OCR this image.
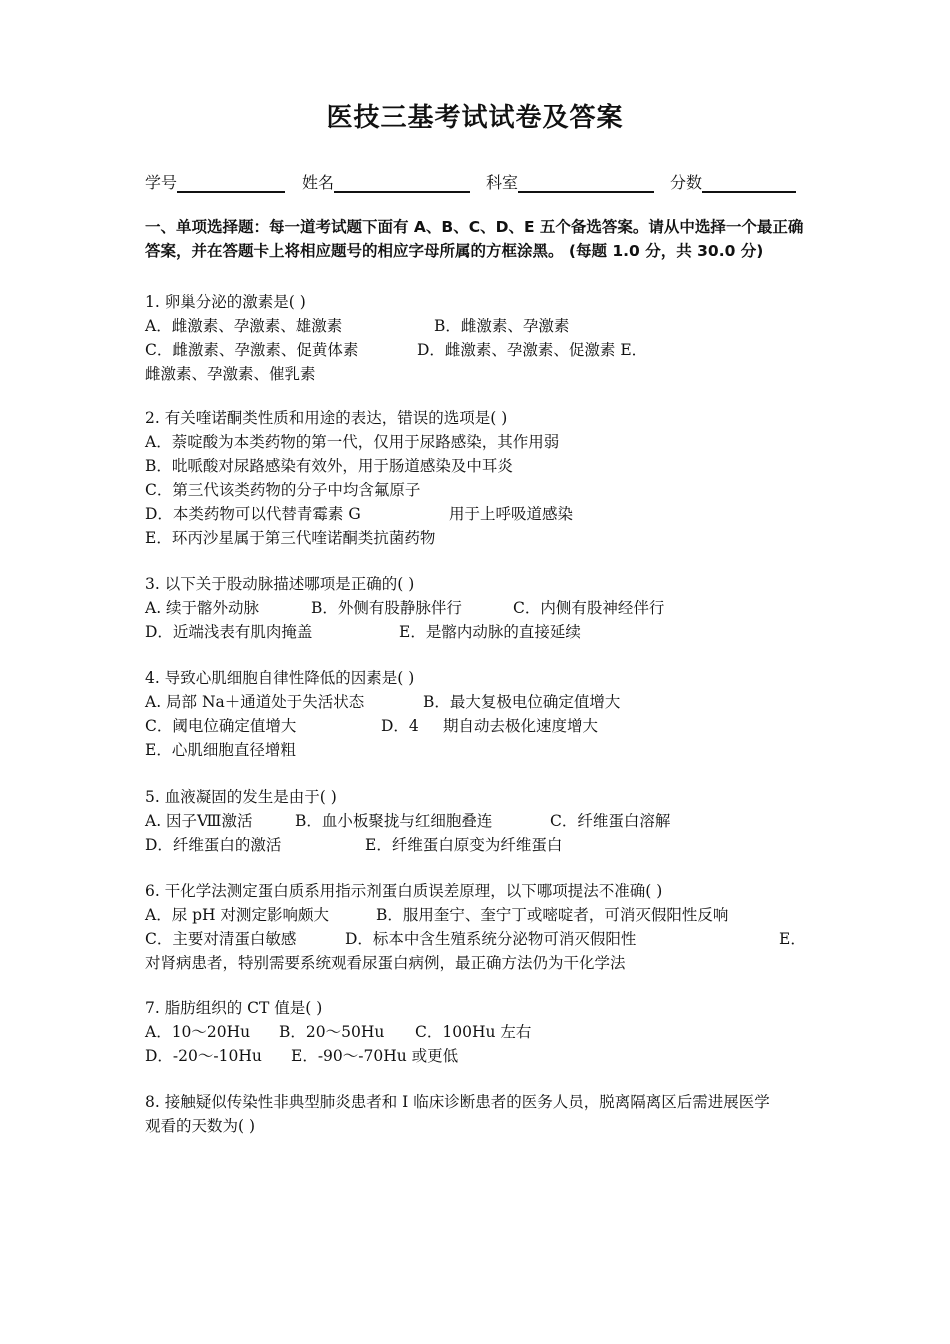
医技三基考试试卷及答案
学号	姓名	科室	分数
一、单项选择题：每一道考试题下面有 A、B、C、D、E 五个备选答案。请从中选择一个最正确答案，并在答题卡上将相应题号的相应字母所属的方框涂黑。 (每题 1.0 分，共 30.0 分)
1. 卵巢分泌的激素是( )
A．雌激素、孕激素、雄激素	B．雌激素、孕激素
C．雌激素、孕激素、促黄体素	D．雌激素、孕激素、促激素 E．
雌激素、孕激素、催乳素
2. 有关喹诺酮类性质和用途的表达，错误的选项是( )
A．萘啶酸为本类药物的第一代，仅用于尿路感染，其作用弱
B．吡哌酸对尿路感染有效外，用于肠道感染及中耳炎
C．第三代该类药物的分子中均含氟原子
D．本类药物可以代替青霉素 G	用于上呼吸道感染
E．环丙沙星属于第三代喹诺酮类抗菌药物
3. 以下关于股动脉描述哪项是正确的( )
A. 续于髂外动脉	B．外侧有股静脉伴行	C．内侧有股神经伴行
D．近端浅表有肌肉掩盖	E．是髂内动脉的直接延续
4. 导致心肌细胞自律性降低的因素是( )
A. 局部 Na＋通道处于失活状态	B．最大复极电位确定值增大
C．阈电位确定值增大	D．4 期自动去极化速度增大
E．心肌细胞直径增粗
5. 血液凝固的发生是由于( )
A. 因子Ⅷ激活	B．血小板聚拢与红细胞叠连	C．纤维蛋白溶解
D．纤维蛋白的激活	E．纤维蛋白原变为纤维蛋白
6. 干化学法测定蛋白质系用指示剂蛋白质误差原理，以下哪项提法不准确( )
A．尿 pH 对测定影响颇大	B．服用奎宁、奎宁丁或嘧啶者，可消灭假阳性反响
C．主要对清蛋白敏感	D．标本中含生殖系统分泌物可消灭假阳性	E．
对肾病患者，特别需要系统观看尿蛋白病例，最正确方法仍为干化学法
7. 脂肪组织的 CT 值是( )
A．10～20Hu B．20～50Hu C．100Hu 左右
D．-20～-10Hu E．-90～-70Hu 或更低
8. 接触疑似传染性非典型肺炎患者和 I 临床诊断患者的医务人员，脱离隔离区后需进展医学观看的天数为( )
